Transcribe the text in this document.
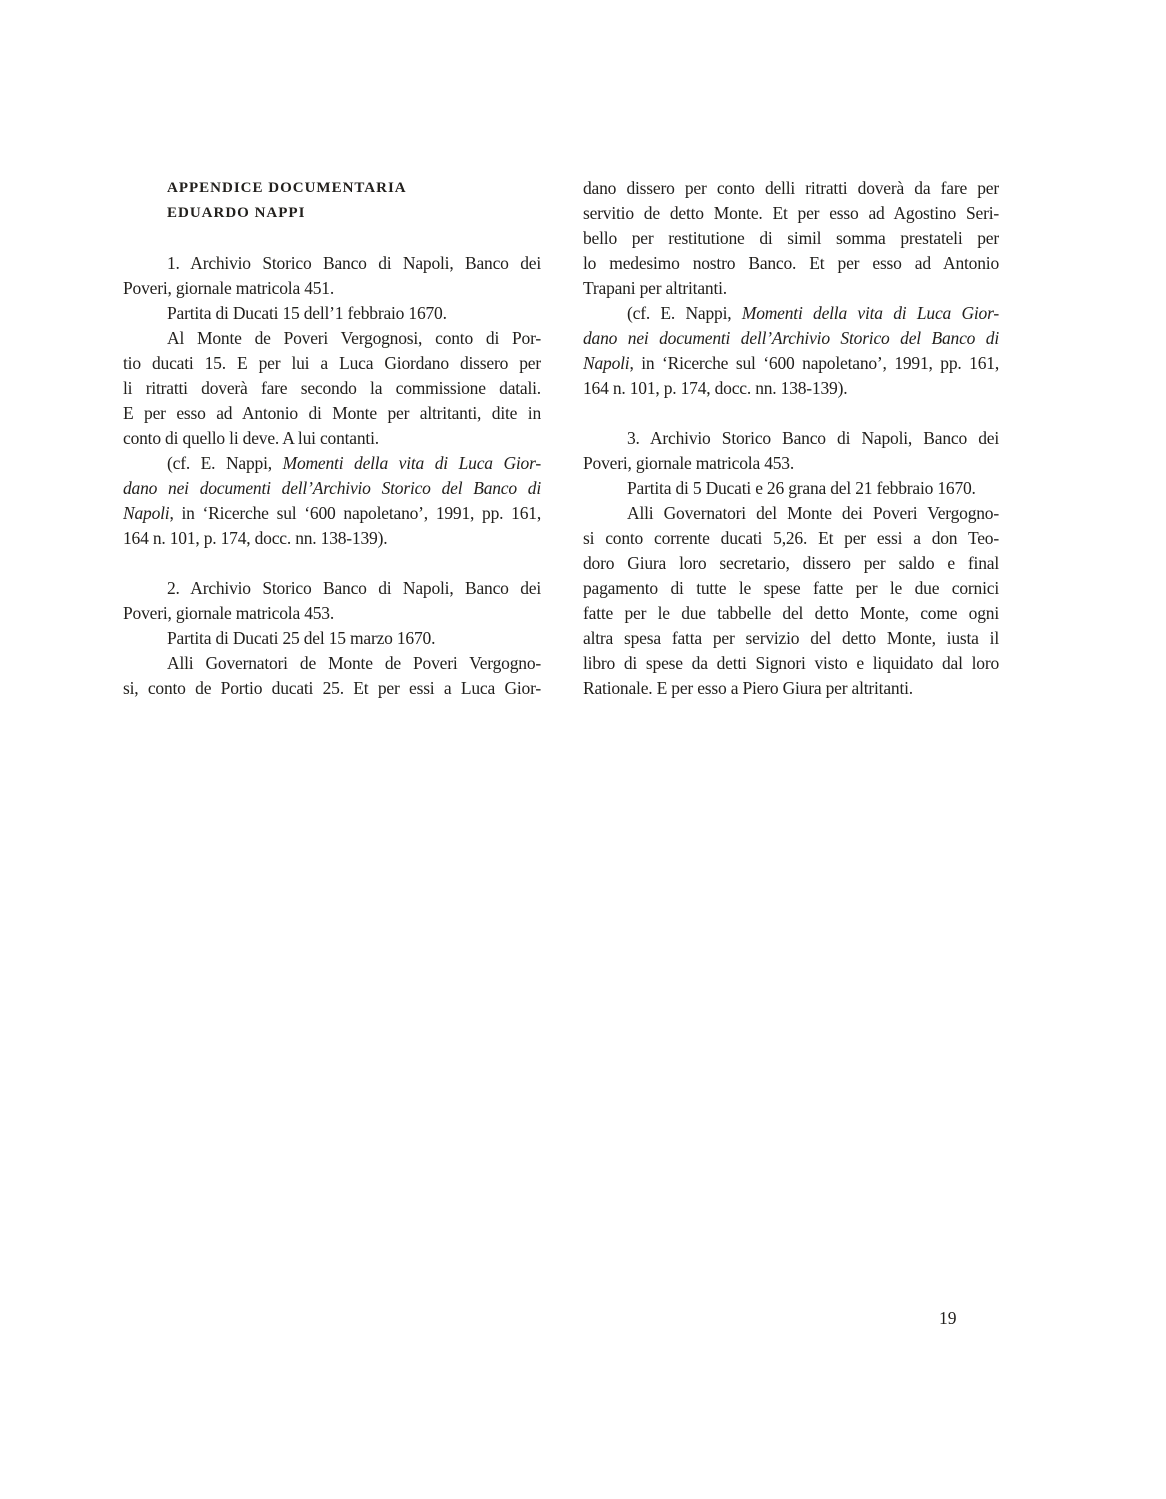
APPENDICE DOCUMENTARIA
EDUARDO NAPPI
1. Archivio Storico Banco di Napoli, Banco dei
Poveri, giornale matricola 451.
Partita di Ducati 15 dell’1 febbraio 1670.
Al Monte de Poveri Vergognosi, conto di Por-
tio ducati 15. E per lui a Luca Giordano dissero per
li ritratti doverà fare secondo la commissione datali.
E per esso ad Antonio di Monte per altritanti, dite in
conto di quello li deve. A lui contanti.
(cf. E. Nappi, Momenti della vita di Luca Gior-
dano nei documenti dell’Archivio Storico del Banco di
Napoli, in ‘Ricerche sul ‘600 napoletano’, 1991, pp. 161,
164 n. 101, p. 174, docc. nn. 138-139).
2. Archivio Storico Banco di Napoli, Banco dei
Poveri, giornale matricola 453.
Partita di Ducati 25 del 15 marzo 1670.
Alli Governatori de Monte de Poveri Vergogno-
si, conto de Portio ducati 25. Et per essi a Luca Gior-
dano dissero per conto delli ritratti doverà da fare per
servitio de detto Monte. Et per esso ad Agostino Seri-
bello per restitutione di simil somma prestateli per
lo medesimo nostro Banco. Et per esso ad Antonio
Trapani per altritanti.
(cf. E. Nappi, Momenti della vita di Luca Gior-
dano nei documenti dell’Archivio Storico del Banco di
Napoli, in ‘Ricerche sul ‘600 napoletano’, 1991, pp. 161,
164 n. 101, p. 174, docc. nn. 138-139).
3. Archivio Storico Banco di Napoli, Banco dei
Poveri, giornale matricola 453.
Partita di 5 Ducati e 26 grana del 21 febbraio 1670.
Alli Governatori del Monte dei Poveri Vergogno-
si conto corrente ducati 5,26. Et per essi a don Teo-
doro Giura loro secretario, dissero per saldo e final
pagamento di tutte le spese fatte per le due cornici
fatte per le due tabbelle del detto Monte, come ogni
altra spesa fatta per servizio del detto Monte, iusta il
libro di spese da detti Signori visto e liquidato dal loro
Rationale. E per esso a Piero Giura per altritanti.
19
